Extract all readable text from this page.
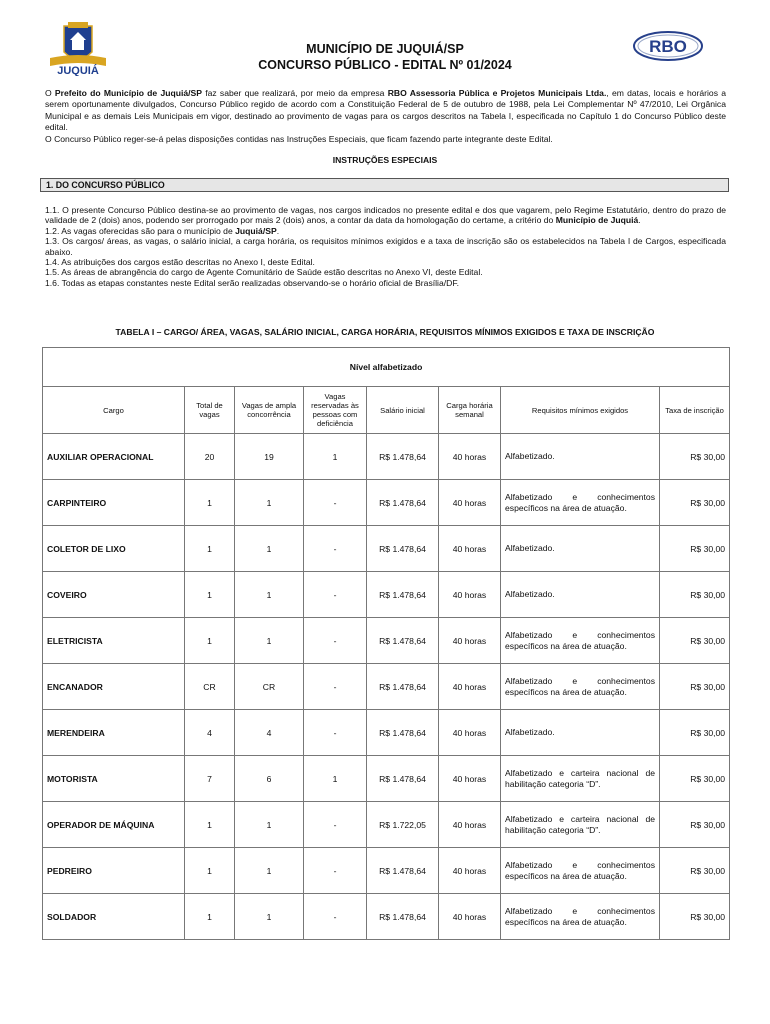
JUQUIÁ
RBO
MUNICÍPIO DE JUQUIÁ/SP
CONCURSO PÚBLICO - EDITAL Nº 01/2024

O Prefeito do Município de Juquiá/SP faz saber que realizará, por meio da empresa RBO Assessoria Pública e Projetos Municipais Ltda., em datas, locais e horários a serem oportunamente divulgados, Concurso Público regido de acordo com a Constituição Federal de 5 de outubro de 1988, pela Lei Complementar Nº 47/2010, Lei Orgânica Municipal e as demais Leis Municipais em vigor, destinado ao provimento de vagas para os cargos descritos na Tabela I, especificada no Capítulo 1 do Concurso Público deste edital.

O Concurso Público reger-se-á pelas disposições contidas nas Instruções Especiais, que ficam fazendo parte integrante deste Edital.

INSTRUÇÕES ESPECIAIS
1. DO CONCURSO PÚBLICO

1.1. O presente Concurso Público destina-se ao provimento de vagas, nos cargos indicados no presente edital e dos que vagarem, pelo Regime Estatutário, dentro do prazo de validade de 2 (dois) anos, podendo ser prorrogado por mais 2 (dois) anos, a contar da data da homologação do certame, a critério do Município de Juquiá.

1.2. As vagas oferecidas são para o município de Juquiá/SP.

1.3. Os cargos/ áreas, as vagas, o salário inicial, a carga horária, os requisitos mínimos exigidos e a taxa de inscrição são os estabelecidos na Tabela I de Cargos, especificada abaixo.

1.4. As atribuições dos cargos estão descritas no Anexo I, deste Edital.

1.5. As áreas de abrangência do cargo de Agente Comunitário de Saúde estão descritas no Anexo VI, deste Edital.

1.6. Todas as etapas constantes neste Edital serão realizadas observando-se o horário oficial de Brasília/DF.

TABELA I – CARGO/ ÁREA, VAGAS, SALÁRIO INICIAL, CARGA HORÁRIA, REQUISITOS MÍNIMOS EXIGIDOS E TAXA DE INSCRIÇÃO
Nível alfabetizado							
Cargo	Total de vagas	Vagas de ampla concorrência	Vagas reservadas às pessoas com deficiência	Salário inicial	Carga horária semanal	Requisitos mínimos exigidos	Taxa de inscrição
AUXILIAR OPERACIONAL	20	19	1	R$ 1.478,64	40 horas	Alfabetizado.	R$ 30,00
CARPINTEIRO	1	1	-	R$ 1.478,64	40 horas	Alfabetizado e conhecimentos específicos na área de atuação.	R$ 30,00
COLETOR DE LIXO	1	1	-	R$ 1.478,64	40 horas	Alfabetizado.	R$ 30,00
COVEIRO	1	1	-	R$ 1.478,64	40 horas	Alfabetizado.	R$ 30,00
ELETRICISTA	1	1	-	R$ 1.478,64	40 horas	Alfabetizado e conhecimentos específicos na área de atuação.	R$ 30,00
ENCANADOR	CR	CR	-	R$ 1.478,64	40 horas	Alfabetizado e conhecimentos específicos na área de atuação.	R$ 30,00
MERENDEIRA	4	4	-	R$ 1.478,64	40 horas	Alfabetizado.	R$ 30,00
MOTORISTA	7	6	1	R$ 1.478,64	40 horas	Alfabetizado e carteira nacional de habilitação categoria “D”.	R$ 30,00
OPERADOR DE MÁQUINA	1	1	-	R$ 1.722,05	40 horas	Alfabetizado e carteira nacional de habilitação categoria “D”.	R$ 30,00
PEDREIRO	1	1	-	R$ 1.478,64	40 horas	Alfabetizado e conhecimentos específicos na área de atuação.	R$ 30,00
SOLDADOR	1	1	-	R$ 1.478,64	40 horas	Alfabetizado e conhecimentos específicos na área de atuação.	R$ 30,00
